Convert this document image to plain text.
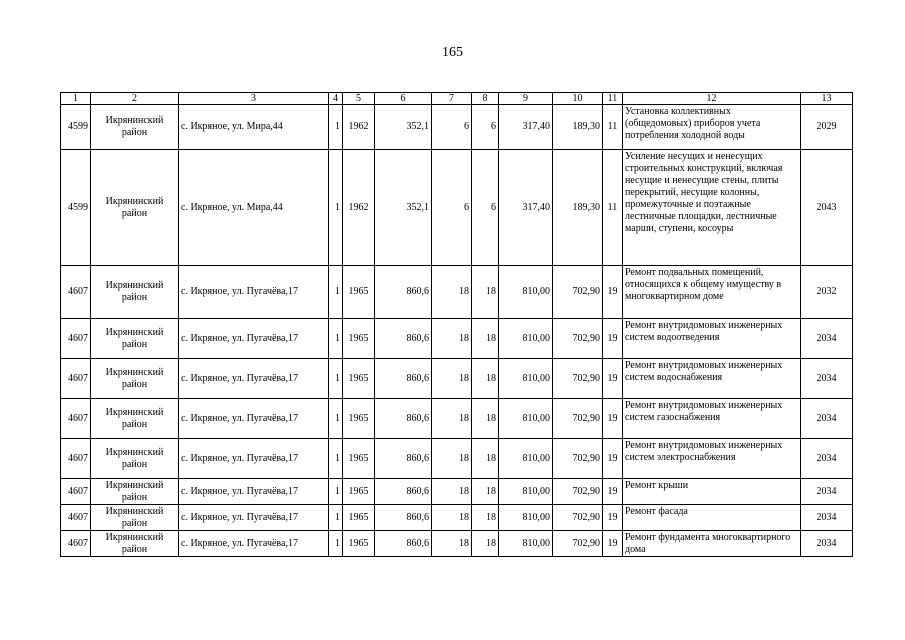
165
1	2	3	4	5	6	7	8	9	10	11	12	13
4599	Икрянинский район	с. Икряное, ул. Мира,44	1	1962	352,1	6	6	317,40	189,30	11	Установка коллективных (общедомовых) приборов учета потребления холодной воды	2029
4599	Икрянинский район	с. Икряное, ул. Мира,44	1	1962	352,1	6	6	317,40	189,30	11	Усиление несущих и ненесущих строительных конструкций, включая несущие и ненесущие стены, плиты перекрытий, несущие колонны, промежуточные и поэтажные лестничные площадки, лестничные марши, ступени, косоуры	2043
4607	Икрянинский район	с. Икряное, ул. Пугачёва,17	1	1965	860,6	18	18	810,00	702,90	19	Ремонт подвальных помещений, относящихся к общему имуществу в многоквартирном доме	2032
4607	Икрянинский район	с. Икряное, ул. Пугачёва,17	1	1965	860,6	18	18	810,00	702,90	19	Ремонт внутридомовых инженерных систем водоотведения	2034
4607	Икрянинский район	с. Икряное, ул. Пугачёва,17	1	1965	860,6	18	18	810,00	702,90	19	Ремонт внутридомовых инженерных систем водоснабжения	2034
4607	Икрянинский район	с. Икряное, ул. Пугачёва,17	1	1965	860,6	18	18	810,00	702,90	19	Ремонт внутридомовых инженерных систем газоснабжения	2034
4607	Икрянинский район	с. Икряное, ул. Пугачёва,17	1	1965	860,6	18	18	810,00	702,90	19	Ремонт внутридомовых инженерных систем электроснабжения	2034
4607	Икрянинский район	с. Икряное, ул. Пугачёва,17	1	1965	860,6	18	18	810,00	702,90	19	Ремонт крыши	2034
4607	Икрянинский район	с. Икряное, ул. Пугачёва,17	1	1965	860,6	18	18	810,00	702,90	19	Ремонт фасада	2034
4607	Икрянинский район	с. Икряное, ул. Пугачёва,17	1	1965	860,6	18	18	810,00	702,90	19	Ремонт фундамента многоквартирного дома	2034
